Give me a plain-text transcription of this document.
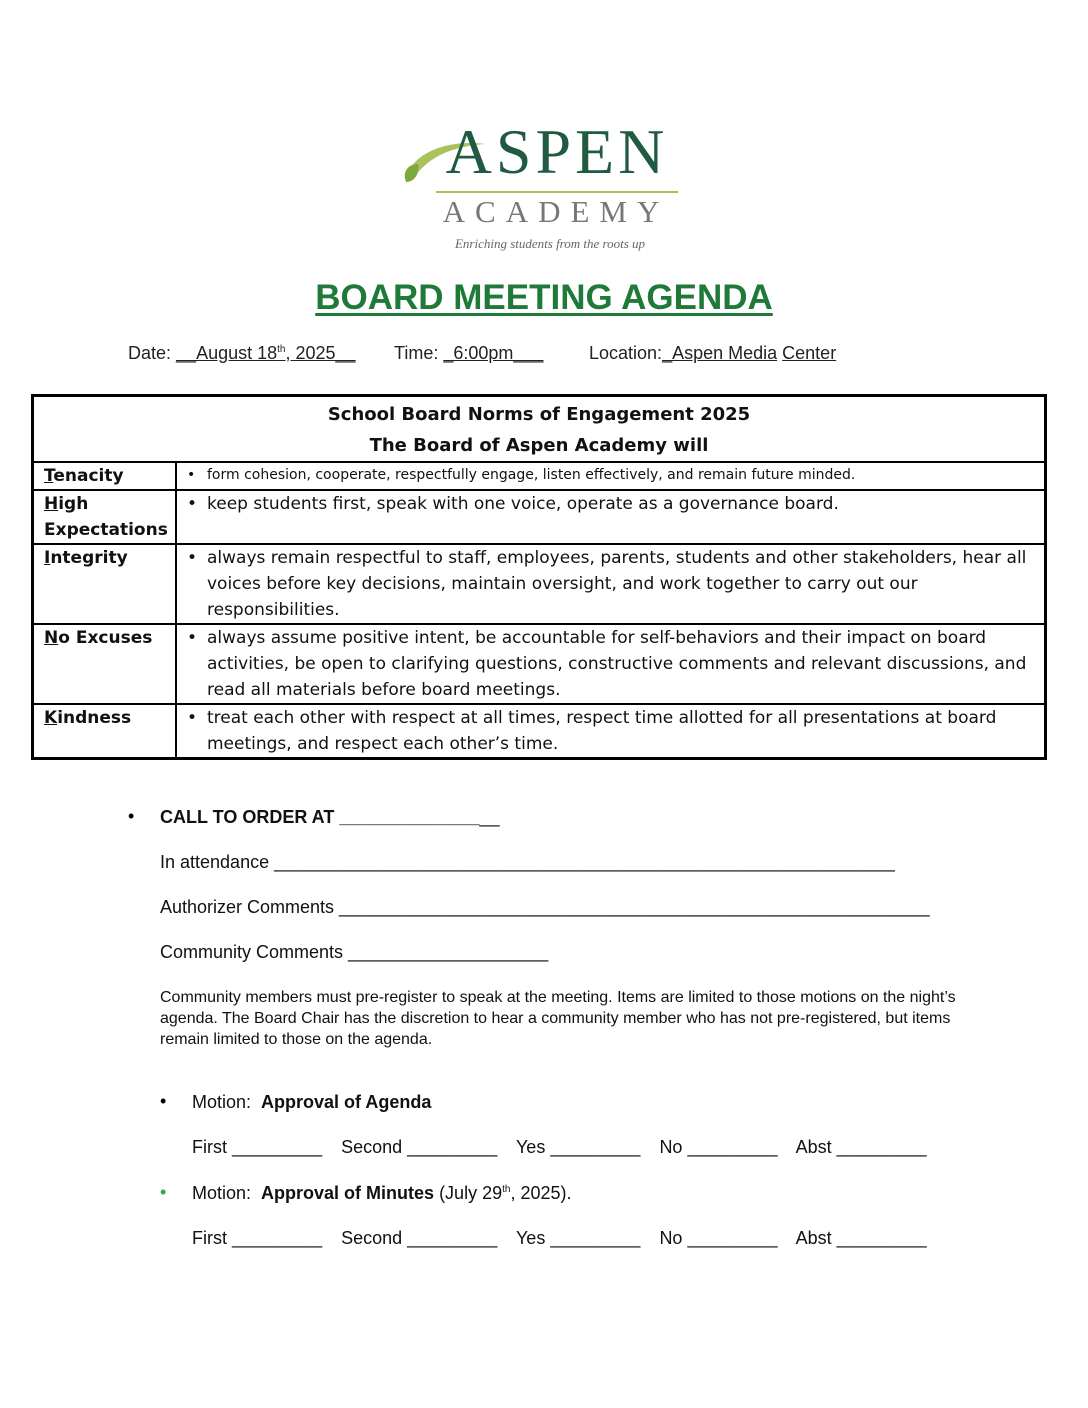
ASPEN
ACADEMY
Enriching students from the roots up
BOARD MEETING AGENDA
Date: __August 18th, 2025__ Time: _6:00pm___	Location:_Aspen Media Center
School Board Norms of Engagement 2025
The Board of Aspen Academy will	

Tenacity	• form cohesion, cooperate, respectfully engage, listen effectively, and remain future minded.

High
Expectations	• keep students first, speak with one voice, operate as a governance board.

Integrity	• always remain respectful to staff, employees, parents, students and other stakeholders, hear all voices before key decisions, maintain oversight, and work together to carry out our responsibilities.

No Excuses	• always assume positive intent, be accountable for self-behaviors and their impact on board activities, be open to clarifying questions, constructive comments and relevant discussions, and read all materials before board meetings.

Kindness	• treat each other with respect at all times, respect time allotted for all presentations at board meetings, and respect each other’s time.
• CALL TO ORDER AT ________________
In attendance ______________________________________________________________
Authorizer Comments ___________________________________________________________
Community Comments ____________________
Community members must pre-register to speak at the meeting. Items are limited to those motions on the night’s agenda. The Board Chair has the discretion to hear a community member who has not pre-registered, but items remain limited to those on the agenda.
• Motion: Approval of Agenda
First _________ Second _________ Yes _________ No _________ Abst _________
• Motion: Approval of Minutes (July 29th, 2025).
First _________ Second _________ Yes _________ No _________ Abst _________
